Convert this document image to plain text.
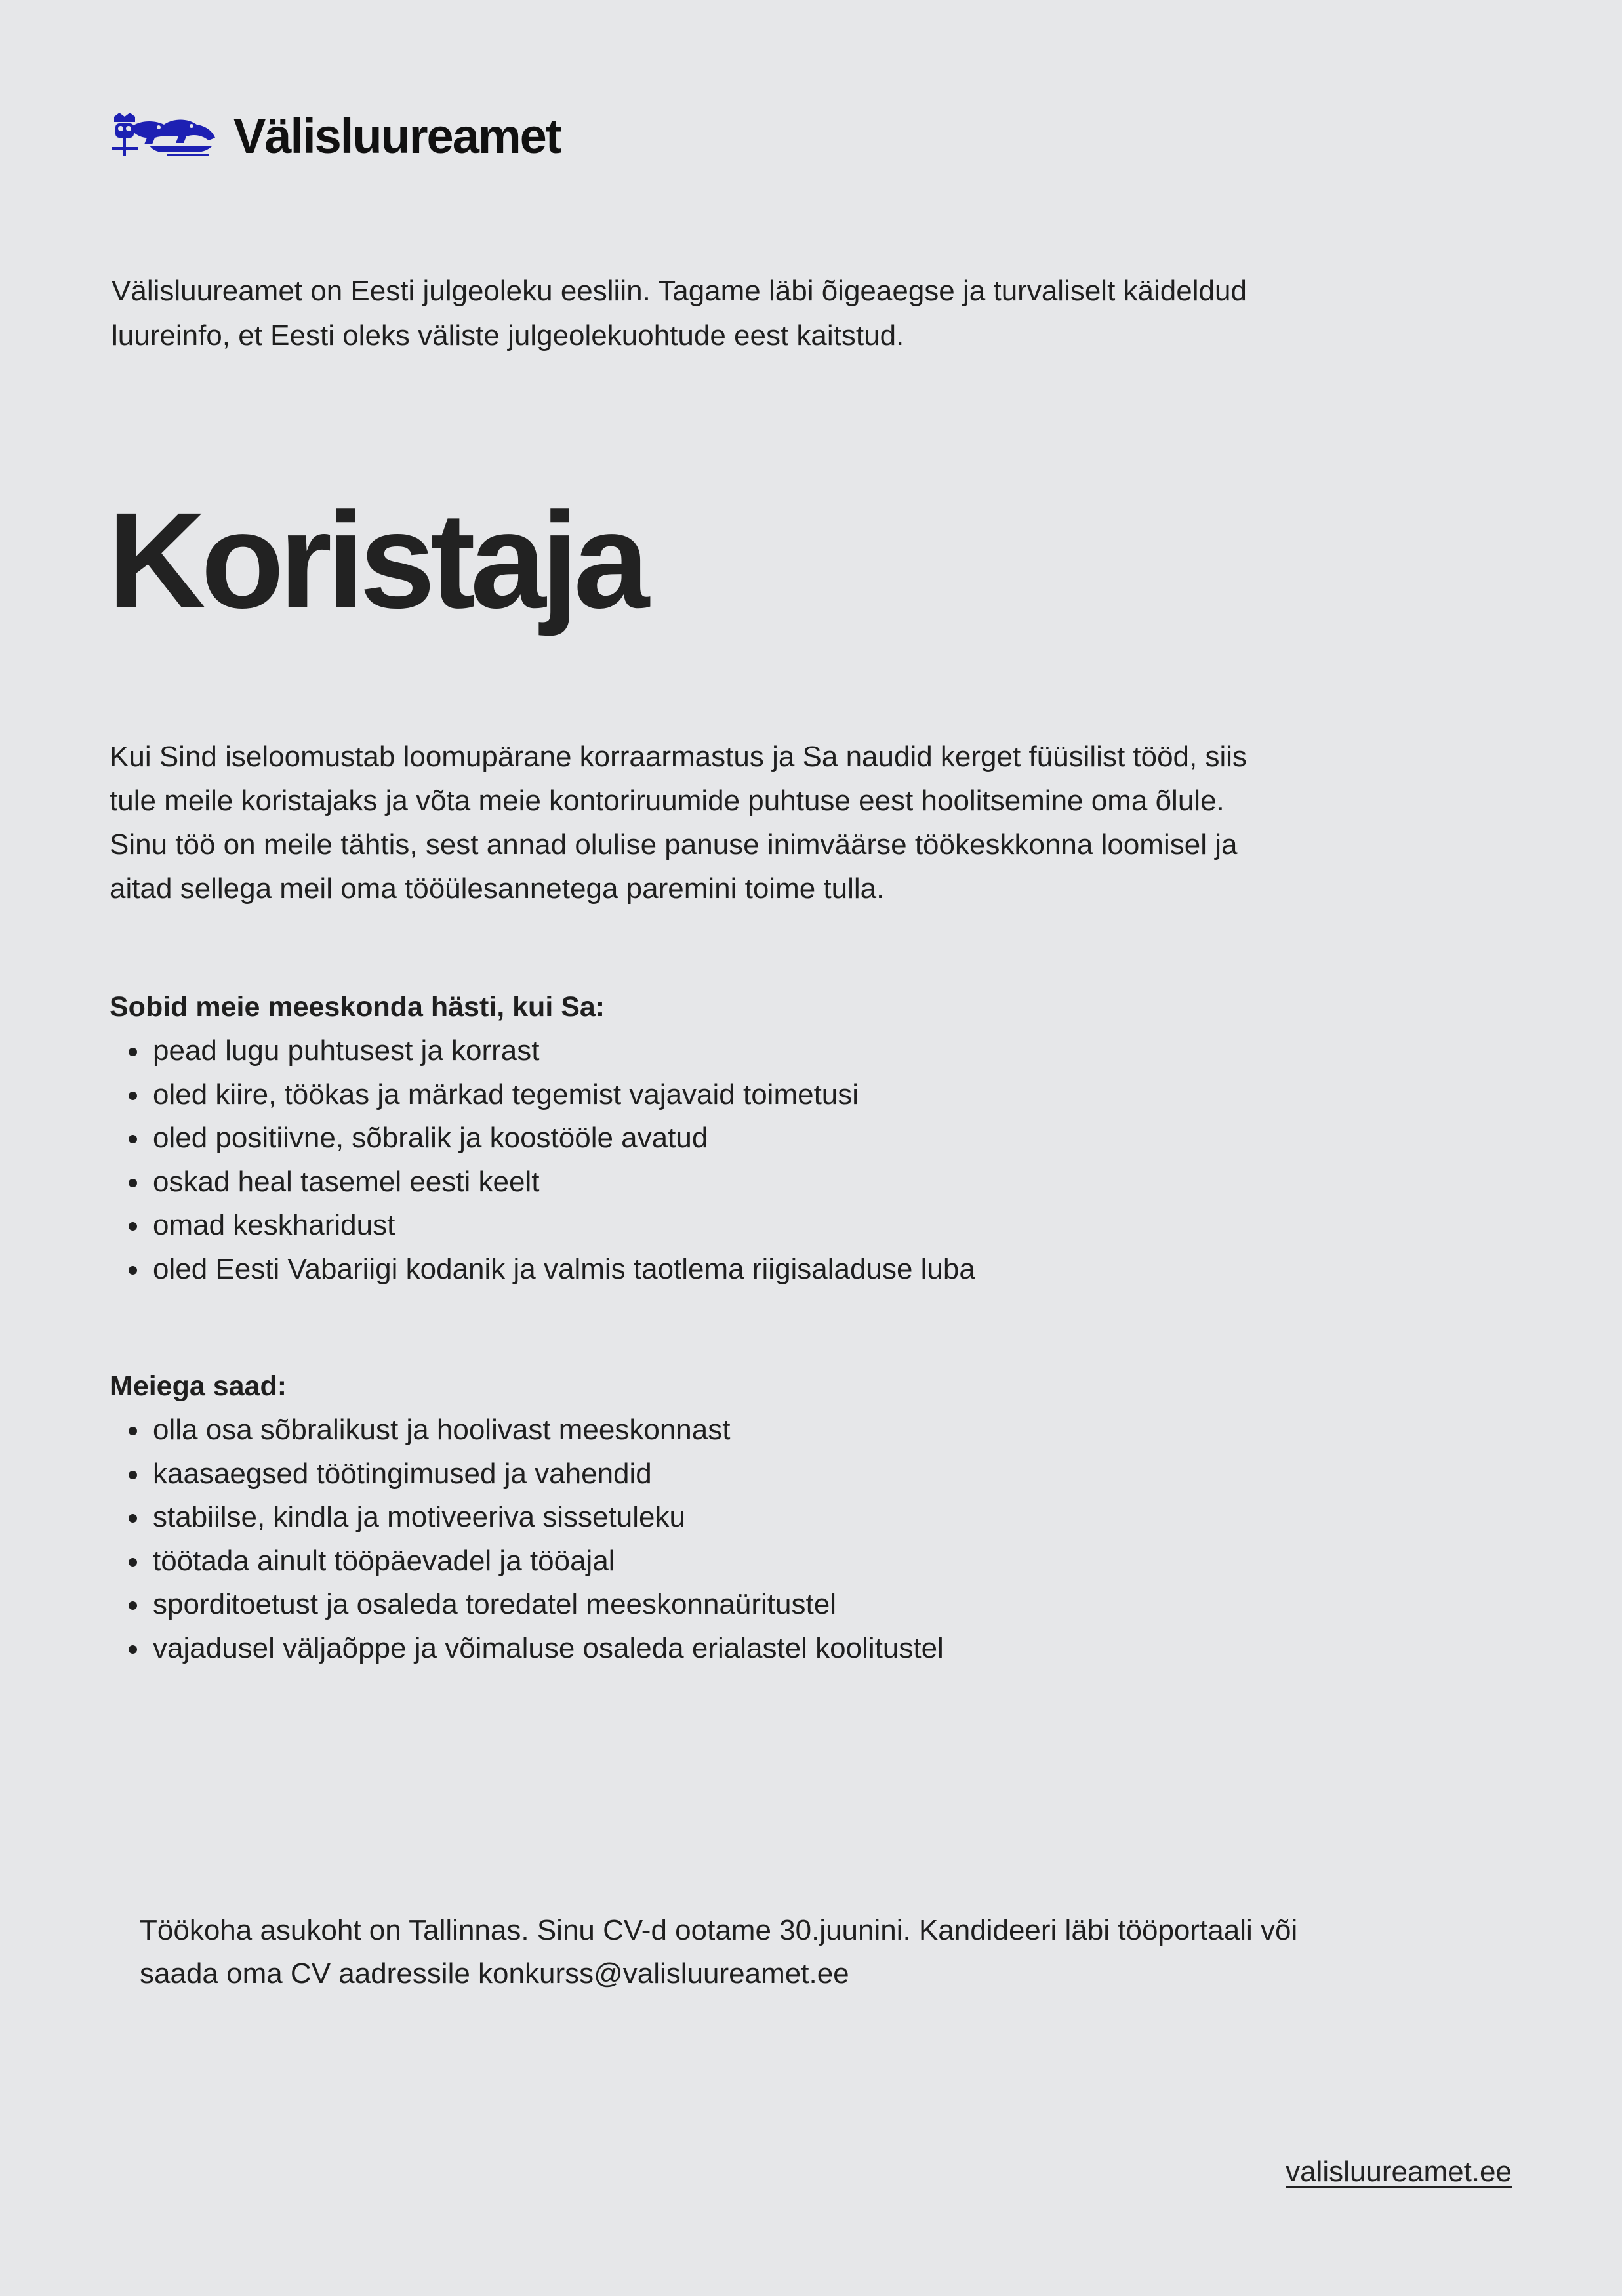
Välisluureamet

Välisluureamet on Eesti julgeoleku eesliin. Tagame läbi õigeaegse ja turvaliselt käideldud luureinfo, et Eesti oleks väliste julgeolekuohtude eest kaitstud.

Koristaja

Kui Sind iseloomustab loomupärane korraarmastus ja Sa naudid kerget füüsilist tööd, siis tule meile koristajaks ja võta meie kontoriruumide puhtuse eest hoolitsemine oma õlule. Sinu töö on meile tähtis, sest annad olulise panuse inimväärse töökeskkonna loomisel ja aitad sellega meil oma tööülesannetega paremini toime tulla.

Sobid meie meeskonda hästi, kui Sa:
pead lugu puhtusest ja korrast
oled kiire, töökas ja märkad tegemist vajavaid toimetusi
oled positiivne, sõbralik ja koostööle avatud
oskad heal tasemel eesti keelt
omad keskharidust
oled Eesti Vabariigi kodanik ja valmis taotlema riigisaladuse luba
Meiega saad:
olla osa sõbralikust ja hoolivast meeskonnast
kaasaegsed töötingimused ja vahendid
stabiilse, kindla ja motiveeriva sissetuleku
töötada ainult tööpäevadel ja tööajal
sporditoetust ja osaleda toredatel meeskonnaüritustel
vajadusel väljaõppe ja võimaluse osaleda erialastel koolitustel

Töökoha asukoht on Tallinnas. Sinu CV-d ootame 30.juunini. Kandideeri läbi tööportaali või
saada oma CV aadressile konkurss@valisluureamet.ee

valisluureamet.ee
